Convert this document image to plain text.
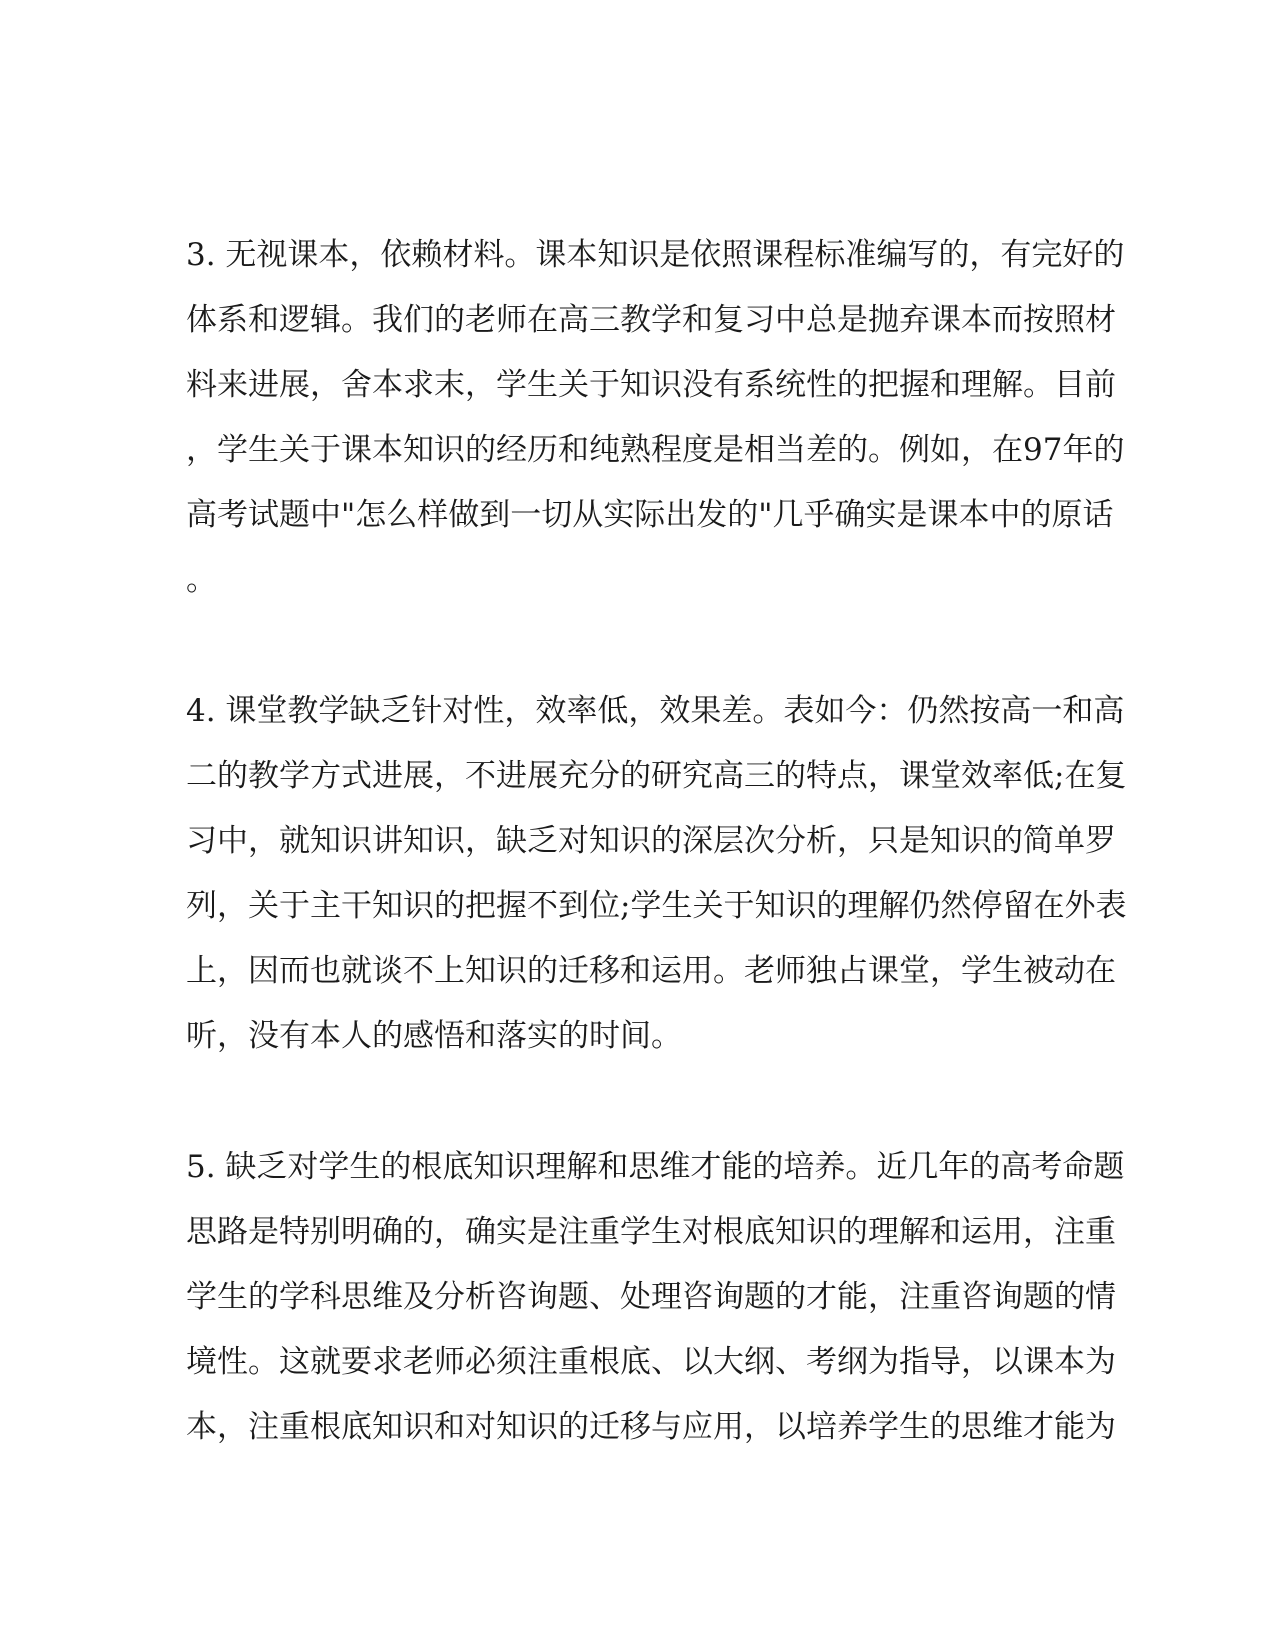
3. 无视课本，依赖材料。课本知识是依照课程标准编写的，有完好的
体系和逻辑。我们的老师在高三教学和复习中总是抛弃课本而按照材
料来进展，舍本求末，学生关于知识没有系统性的把握和理解。目前
，学生关于课本知识的经历和纯熟程度是相当差的。例如，在97年的
高考试题中"怎么样做到一切从实际出发的"几乎确实是课本中的原话
。

4. 课堂教学缺乏针对性，效率低，效果差。表如今：仍然按高一和高
二的教学方式进展，不进展充分的研究高三的特点，课堂效率低;在复
习中，就知识讲知识，缺乏对知识的深层次分析，只是知识的简单罗
列，关于主干知识的把握不到位;学生关于知识的理解仍然停留在外表
上，因而也就谈不上知识的迁移和运用。老师独占课堂，学生被动在
听，没有本人的感悟和落实的时间。

5. 缺乏对学生的根底知识理解和思维才能的培养。近几年的高考命题
思路是特别明确的，确实是注重学生对根底知识的理解和运用，注重
学生的学科思维及分析咨询题、处理咨询题的才能，注重咨询题的情
境性。这就要求老师必须注重根底、以大纲、考纲为指导，以课本为
本，注重根底知识和对知识的迁移与应用，以培养学生的思维才能为
